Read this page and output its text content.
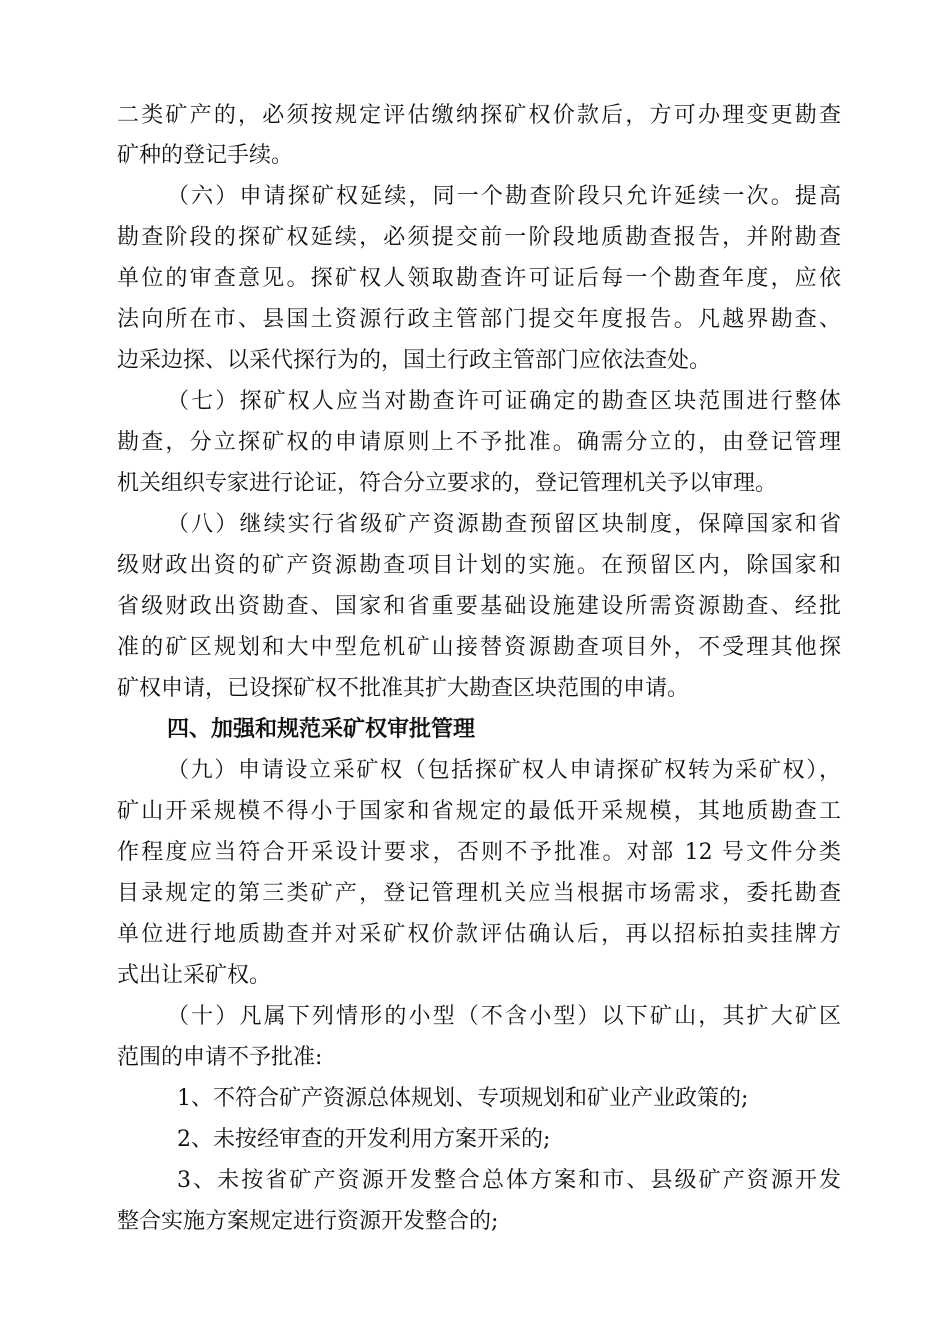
二类矿产的，必须按规定评估缴纳探矿权价款后，方可办理变更勘查
矿种的登记手续。
（六）申请探矿权延续，同一个勘查阶段只允许延续一次。提高
勘查阶段的探矿权延续，必须提交前一阶段地质勘查报告，并附勘查
单位的审查意见。探矿权人领取勘查许可证后每一个勘查年度，应依
法向所在市、县国土资源行政主管部门提交年度报告。凡越界勘查、
边采边探、以采代探行为的，国土行政主管部门应依法查处。
（七）探矿权人应当对勘查许可证确定的勘查区块范围进行整体
勘查，分立探矿权的申请原则上不予批准。确需分立的，由登记管理
机关组织专家进行论证，符合分立要求的，登记管理机关予以审理。
（八）继续实行省级矿产资源勘查预留区块制度，保障国家和省
级财政出资的矿产资源勘查项目计划的实施。在预留区内，除国家和
省级财政出资勘查、国家和省重要基础设施建设所需资源勘查、经批
准的矿区规划和大中型危机矿山接替资源勘查项目外，不受理其他探
矿权申请，已设探矿权不批准其扩大勘查区块范围的申请。
四、加强和规范采矿权审批管理
（九）申请设立采矿权（包括探矿权人申请探矿权转为采矿权），
矿山开采规模不得小于国家和省规定的最低开采规模，其地质勘查工
作程度应当符合开采设计要求，否则不予批准。对部 12 号文件分类
目录规定的第三类矿产，登记管理机关应当根据市场需求，委托勘查
单位进行地质勘查并对采矿权价款评估确认后，再以招标拍卖挂牌方
式出让采矿权。
（十）凡属下列情形的小型（不含小型）以下矿山，其扩大矿区
范围的申请不予批准:
1、不符合矿产资源总体规划、专项规划和矿业产业政策的;
2、未按经审查的开发利用方案开采的;
3、未按省矿产资源开发整合总体方案和市、县级矿产资源开发
整合实施方案规定进行资源开发整合的;
